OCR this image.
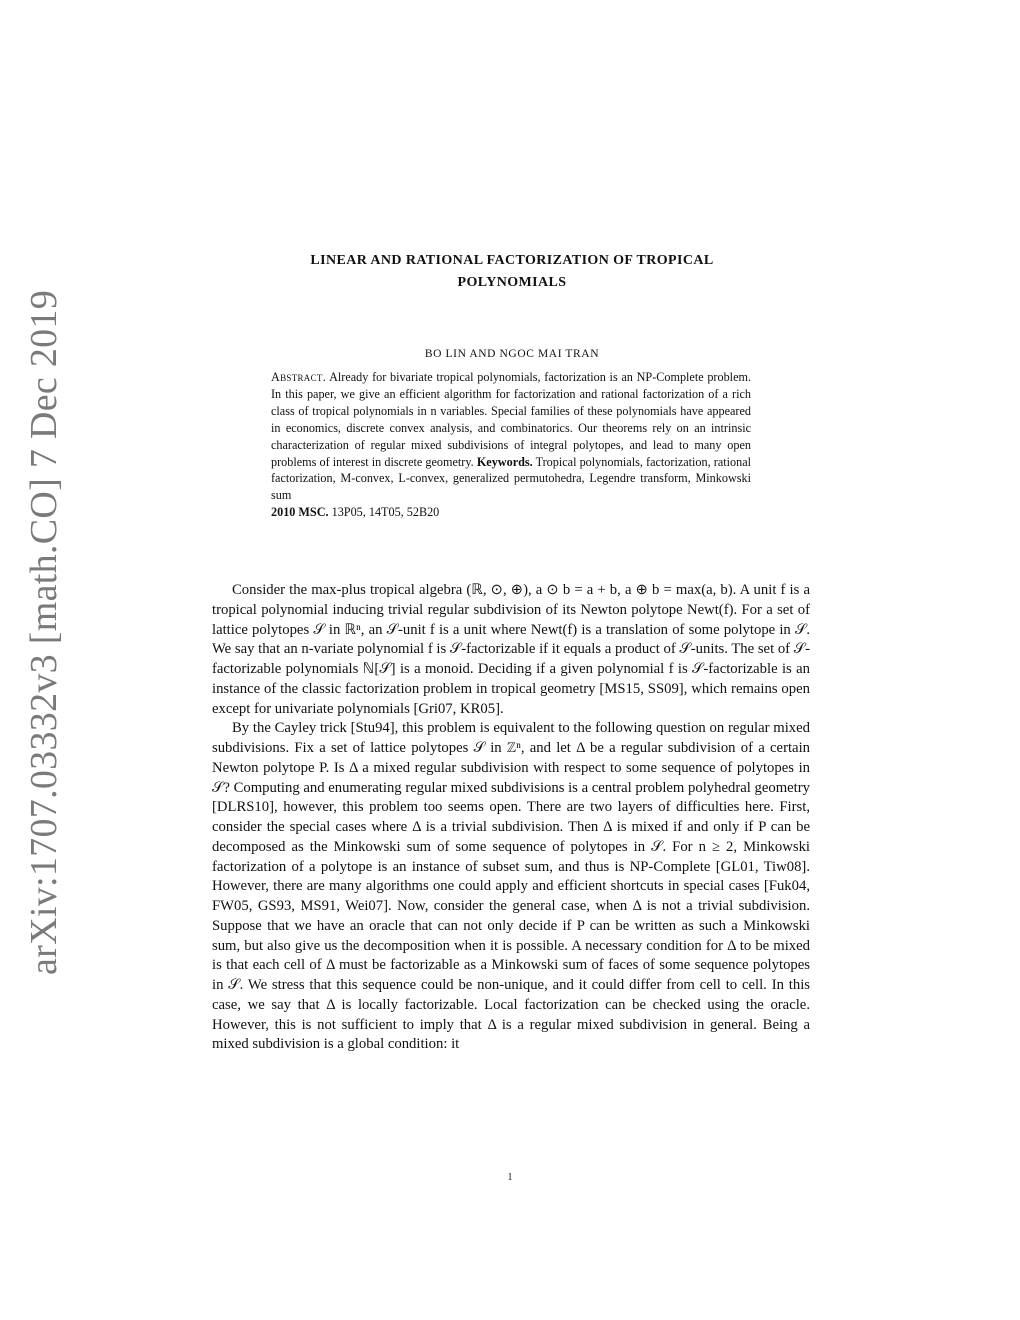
arXiv:1707.03332v3 [math.CO] 7 Dec 2019
LINEAR AND RATIONAL FACTORIZATION OF TROPICAL
POLYNOMIALS
BO LIN AND NGOC MAI TRAN
Abstract. Already for bivariate tropical polynomials, factorization is an NP-Complete problem. In this paper, we give an efficient algorithm for factorization and rational factorization of a rich class of tropical polynomials in n variables. Special families of these polynomials have appeared in economics, discrete convex analysis, and combinatorics. Our theorems rely on an intrinsic characterization of regular mixed subdivisions of integral polytopes, and lead to many open problems of interest in discrete geometry. Keywords. Tropical polynomials, factorization, rational factorization, M-convex, L-convex, generalized permutohedra, Legendre transform, Minkowski sum
2010 MSC. 13P05, 14T05, 52B20

Consider the max-plus tropical algebra (ℝ, ⊙, ⊕), a ⊙ b = a + b, a ⊕ b = max(a, b). A unit f is a tropical polynomial inducing trivial regular subdivision of its Newton polytope Newt(f). For a set of lattice polytopes 𝒮 in ℝⁿ, an 𝒮-unit f is a unit where Newt(f) is a translation of some polytope in 𝒮. We say that an n-variate polynomial f is 𝒮-factorizable if it equals a product of 𝒮-units. The set of 𝒮-factorizable polynomials ℕ[𝒮] is a monoid. Deciding if a given polynomial f is 𝒮-factorizable is an instance of the classic factorization problem in tropical geometry [MS15, SS09], which remains open except for univariate polynomials [Gri07, KR05].

By the Cayley trick [Stu94], this problem is equivalent to the following question on regular mixed subdivisions. Fix a set of lattice polytopes 𝒮 in ℤⁿ, and let Δ be a regular subdivision of a certain Newton polytope P. Is Δ a mixed regular subdivision with respect to some sequence of polytopes in 𝒮? Computing and enumerating regular mixed subdivisions is a central problem polyhedral geometry [DLRS10], however, this problem too seems open. There are two layers of difficulties here. First, consider the special cases where Δ is a trivial subdivision. Then Δ is mixed if and only if P can be decomposed as the Minkowski sum of some sequence of polytopes in 𝒮. For n ≥ 2, Minkowski factorization of a polytope is an instance of subset sum, and thus is NP-Complete [GL01, Tiw08]. However, there are many algorithms one could apply and efficient shortcuts in special cases [Fuk04, FW05, GS93, MS91, Wei07]. Now, consider the general case, when Δ is not a trivial subdivision. Suppose that we have an oracle that can not only decide if P can be written as such a Minkowski sum, but also give us the decomposition when it is possible. A necessary condition for Δ to be mixed is that each cell of Δ must be factorizable as a Minkowski sum of faces of some sequence polytopes in 𝒮. We stress that this sequence could be non-unique, and it could differ from cell to cell. In this case, we say that Δ is locally factorizable. Local factorization can be checked using the oracle. However, this is not sufficient to imply that Δ is a regular mixed subdivision in general. Being a mixed subdivision is a global condition: it

1
